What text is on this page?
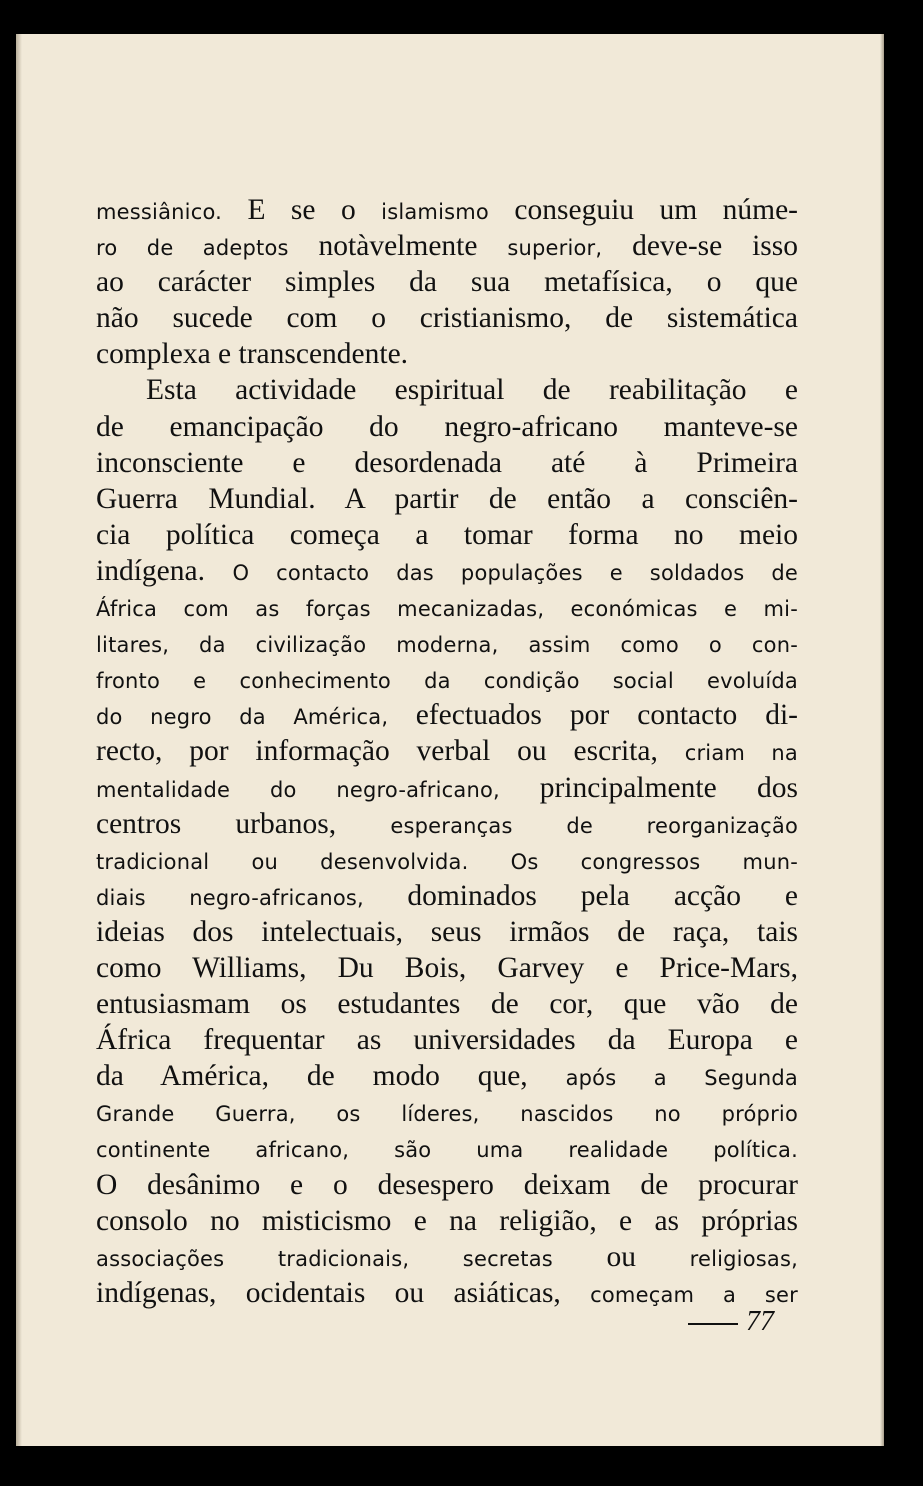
messiânico. E se o islamismo conseguiu um núme-
ro de adeptos notàvelmente superior, deve-se isso
ao carácter simples da sua metafísica, o que
não sucede com o cristianismo, de sistemática
complexa e transcendente.
Esta actividade espiritual de reabilitação e
de emancipação do negro-africano manteve-se
inconsciente e desordenada até à Primeira
Guerra Mundial. A partir de então a consciên-
cia política começa a tomar forma no meio
indígena. O contacto das populações e soldados de
África com as forças mecanizadas, económicas e mi-
litares, da civilização moderna, assim como o con-
fronto e conhecimento da condição social evoluída
do negro da América, efectuados por contacto di-
recto, por informação verbal ou escrita, criam na
mentalidade do negro-africano, principalmente dos
centros urbanos, esperanças de reorganização
tradicional ou desenvolvida. Os congressos mun-
diais negro-africanos, dominados pela acção e
ideias dos intelectuais, seus irmãos de raça, tais
como Williams, Du Bois, Garvey e Price-Mars,
entusiasmam os estudantes de cor, que vão de
África frequentar as universidades da Europa e
da América, de modo que, após a Segunda
Grande Guerra, os líderes, nascidos no próprio
continente africano, são uma realidade política.
O desânimo e o desespero deixam de procurar
consolo no misticismo e na religião, e as próprias
associações tradicionais, secretas ou religiosas,
indígenas, ocidentais ou asiáticas, começam a ser
77
